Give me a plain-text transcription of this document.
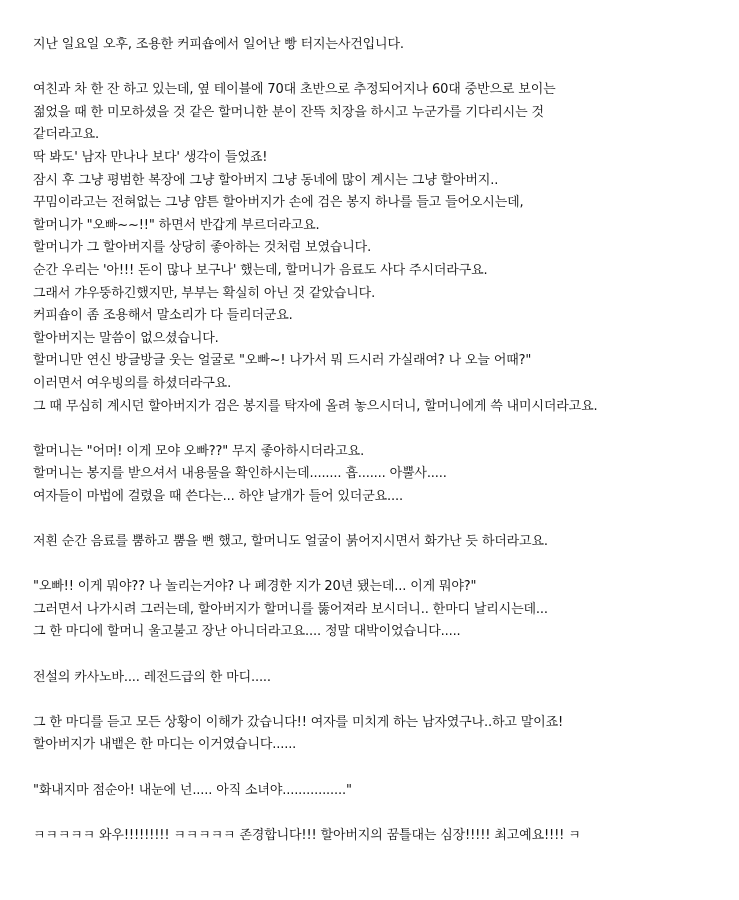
지난 일요일 오후, 조용한 커피숍에서 일어난 빵 터지는사건입니다.
여친과 차 한 잔 하고 있는데, 옆 테이블에 70대 초반으로 추정되어지나 60대 중반으로 보이는
젊었을 때 한 미모하셨을 것 같은 할머니한 분이 잔뜩 치장을 하시고 누군가를 기다리시는 것
같더라고요.
딱 봐도' 남자 만나나 보다' 생각이 들었죠!
잠시 후 그냥 평범한 복장에 그냥 할아버지 그냥 동네에 많이 계시는 그냥 할아버지..
꾸밈이라고는 전혀없는 그냥 얌튼 할아버지가 손에 검은 봉지 하나를 들고 들어오시는데,
할머니가 "오빠~~!!" 하면서 반갑게 부르더라고요.
할머니가 그 할아버지를 상당히 좋아하는 것처럼 보였습니다.
순간 우리는 '아!!! 돈이 많나 보구나' 했는데, 할머니가 음료도 사다 주시더라구요.
그래서 갸우뚱하긴했지만, 부부는 확실히 아닌 것 같았습니다.
커피숍이 좀 조용해서 말소리가 다 들리더군요.
할아버지는 말씀이 없으셨습니다.
할머니만 연신 방글방글 웃는 얼굴로 "오빠~! 나가서 뭐 드시러 가실래여? 나 오늘 어때?"
이러면서 여우빙의를 하셨더라구요.
그 때 무심히 계시던 할아버지가 검은 봉지를 탁자에 올려 놓으시더니, 할머니에게 쓱 내미시더라고요.
할머니는 "어머! 이게 모야 오빠??" 무지 좋아하시더라고요.
할머니는 봉지를 받으셔서 내용물을 확인하시는데........ 흡....... 아뿔사.....
여자들이 마법에 걸렸을 때 쓴다는... 하얀 날개가 들어 있더군요....
저흰 순간 음료를 뿜하고 뿜을 뻔 했고, 할머니도 얼굴이 붉어지시면서 화가난 듯 하더라고요.
"오빠!! 이게 뭐야?? 나 놀리는거야? 나 폐경한 지가 20년 됐는데... 이게 뭐야?"
그러면서 나가시려 그러는데, 할아버지가 할머니를 뚫어져라 보시더니.. 한마디 날리시는데...
그 한 마디에 할머니 울고불고 장난 아니더라고요.... 정말 대박이었습니다.....
전설의 카사노바.... 레전드급의 한 마디.....
그 한 마디를 듣고 모든 상황이 이해가 갔습니다!! 여자를 미치게 하는 남자였구나..하고 말이죠!
할아버지가 내뱉은 한 마디는 이거였습니다......
"화내지마 점순아! 내눈에 넌..... 아직 소녀야................"
ㅋㅋㅋㅋㅋ 와우!!!!!!!!! ㅋㅋㅋㅋㅋ 존경합니다!!! 할아버지의 꿈틀대는 심장!!!!! 최고예요!!!! ㅋ
